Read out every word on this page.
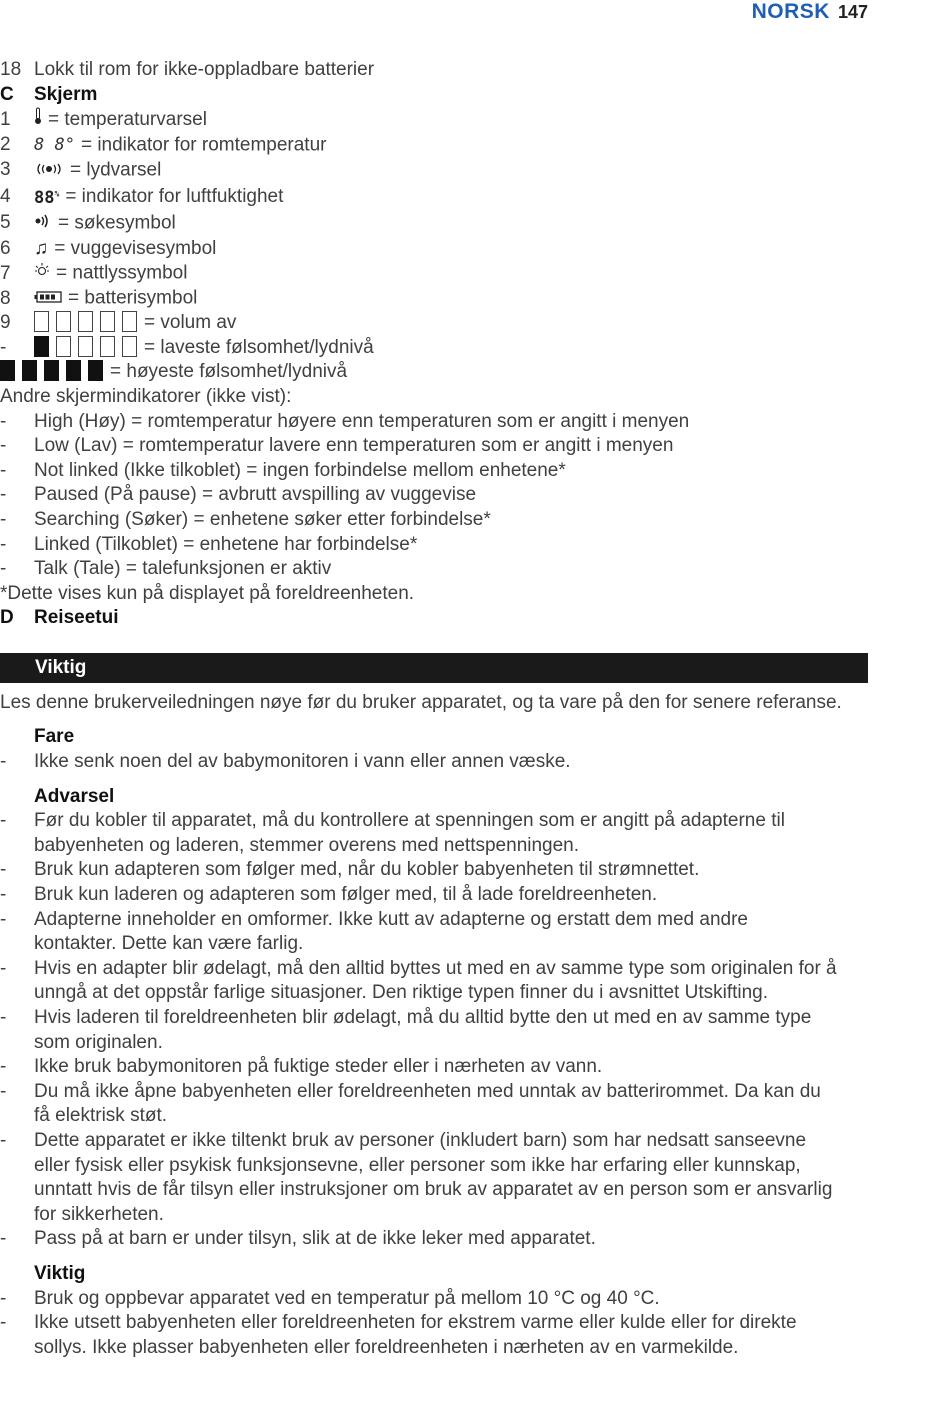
NORSK 147
18 Lokk til rom for ikke-oppladbare batterier
C Skjerm
1 = temperaturvarsel
2 8 8° = indikator for romtemperatur
3	= lydvarsel
4 88% = indikator for luftfuktighet
5 = søkesymbol
6 ♫ = vuggevisesymbol
7 = nattlyssymbol
8	= batterisymbol
9	= volum av
-	= laveste følsomhet/lydnivå
= høyeste følsomhet/lydnivå
Andre skjermindikatorer (ikke vist):
- High (Høy) = romtemperatur høyere enn temperaturen som er angitt i menyen
- Low (Lav) = romtemperatur lavere enn temperaturen som er angitt i menyen
- Not linked (Ikke tilkoblet) = ingen forbindelse mellom enhetene*
- Paused (På pause) = avbrutt avspilling av vuggevise
- Searching (Søker) = enhetene søker etter forbindelse*
- Linked (Tilkoblet) = enhetene har forbindelse*
- Talk (Tale) = talefunksjonen er aktiv
*Dette vises kun på displayet på foreldreenheten.
D Reiseetui
Viktig
Les denne brukerveiledningen nøye før du bruker apparatet, og ta vare på den for senere referanse.
Fare
-	Ikke senk noen del av babymonitoren i vann eller annen væske.
Advarsel
-	Før du kobler til apparatet, må du kontrollere at spenningen som er angitt på adapterne til
babyenheten og laderen, stemmer overens med nettspenningen.
-	Bruk kun adapteren som følger med, når du kobler babyenheten til strømnettet.
-	Bruk kun laderen og adapteren som følger med, til å lade foreldreenheten.
-	Adapterne inneholder en omformer. Ikke kutt av adapterne og erstatt dem med andre
kontakter. Dette kan være farlig.
-	Hvis en adapter blir ødelagt, må den alltid byttes ut med en av samme type som originalen for å
unngå at det oppstår farlige situasjoner. Den riktige typen finner du i avsnittet Utskifting.
-	Hvis laderen til foreldreenheten blir ødelagt, må du alltid bytte den ut med en av samme type
som originalen.
-	Ikke bruk babymonitoren på fuktige steder eller i nærheten av vann.
-	Du må ikke åpne babyenheten eller foreldreenheten med unntak av batterirommet. Da kan du
få elektrisk støt.
-	Dette apparatet er ikke tiltenkt bruk av personer (inkludert barn) som har nedsatt sanseevne
eller fysisk eller psykisk funksjonsevne, eller personer som ikke har erfaring eller kunnskap,
unntatt hvis de får tilsyn eller instruksjoner om bruk av apparatet av en person som er ansvarlig
for sikkerheten.
-	Pass på at barn er under tilsyn, slik at de ikke leker med apparatet.
Viktig
-	Bruk og oppbevar apparatet ved en temperatur på mellom 10 °C og 40 °C.
-	Ikke utsett babyenheten eller foreldreenheten for ekstrem varme eller kulde eller for direkte
sollys. Ikke plasser babyenheten eller foreldreenheten i nærheten av en varmekilde.
